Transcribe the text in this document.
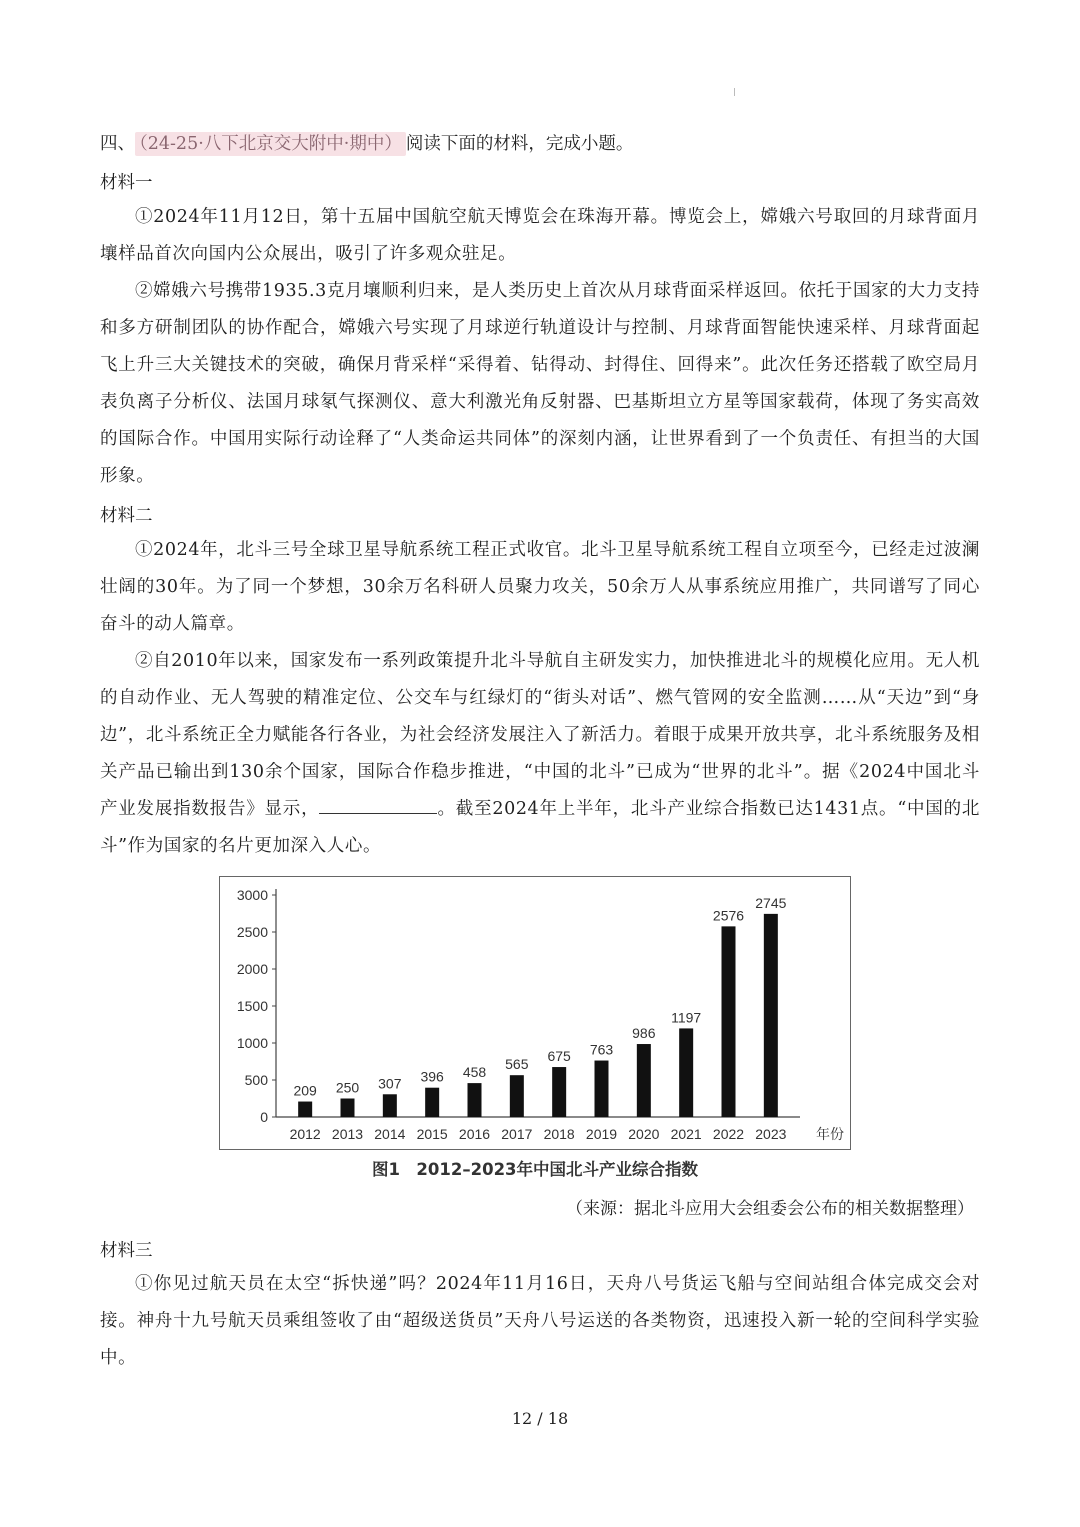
四、 （24-25·八下北京交大附中·期中） 阅读下面的材料，完成小题。
材料一

①2024年11月12日，第十五届中国航空航天博览会在珠海开幕。博览会上，嫦娥六号取回的月球背面月壤样品首次向国内公众展出，吸引了许多观众驻足。

②嫦娥六号携带1935.3克月壤顺利归来，是人类历史上首次从月球背面采样返回。依托于国家的大力支持和多方研制团队的协作配合，嫦娥六号实现了月球逆行轨道设计与控制、月球背面智能快速采样、月球背面起飞上升三大关键技术的突破，确保月背采样“采得着、钻得动、封得住、回得来”。此次任务还搭载了欧空局月表负离子分析仪、法国月球氡气探测仪、意大利激光角反射器、巴基斯坦立方星等国家载荷，体现了务实高效的国际合作。中国用实际行动诠释了“人类命运共同体”的深刻内涵，让世界看到了一个负责任、有担当的大国形象。

材料二

①2024年，北斗三号全球卫星导航系统工程正式收官。北斗卫星导航系统工程自立项至今，已经走过波澜壮阔的30年。为了同一个梦想，30余万名科研人员聚力攻关，50余万人从事系统应用推广，共同谱写了同心奋斗的动人篇章。

②自2010年以来，国家发布一系列政策提升北斗导航自主研发实力，加快推进北斗的规模化应用。无人机的自动作业、无人驾驶的精准定位、公交车与红绿灯的“街头对话”、燃气管网的安全监测……从“天边”到“身边”，北斗系统正全力赋能各行各业，为社会经济发展注入了新活力。着眼于成果开放共享，北斗系统服务及相关产品已输出到130余个国家，国际合作稳步推进，“中国的北斗”已成为“世界的北斗”。据《2024中国北斗产业发展指数报告》显示，	。截至2024年上半年，北斗产业综合指数已达1431点。“中国的北斗”作为国家的名片更加深入人心。

0
500
1000
1500
2000
2500
3000
209
2012
250
2013
307
2014
396
2015
458
2016
565
2017
675
2018
763
2019
986
2020
1197
2021
2576
2022
2745
2023 年份
图1　2012–2023年中国北斗产业综合指数
（来源：据北斗应用大会组委会公布的相关数据整理）
材料三

①你见过航天员在太空“拆快递”吗？2024年11月16日，天舟八号货运飞船与空间站组合体完成交会对接。神舟十九号航天员乘组签收了由“超级送货员”天舟八号运送的各类物资，迅速投入新一轮的空间科学实验中。

12 / 18
